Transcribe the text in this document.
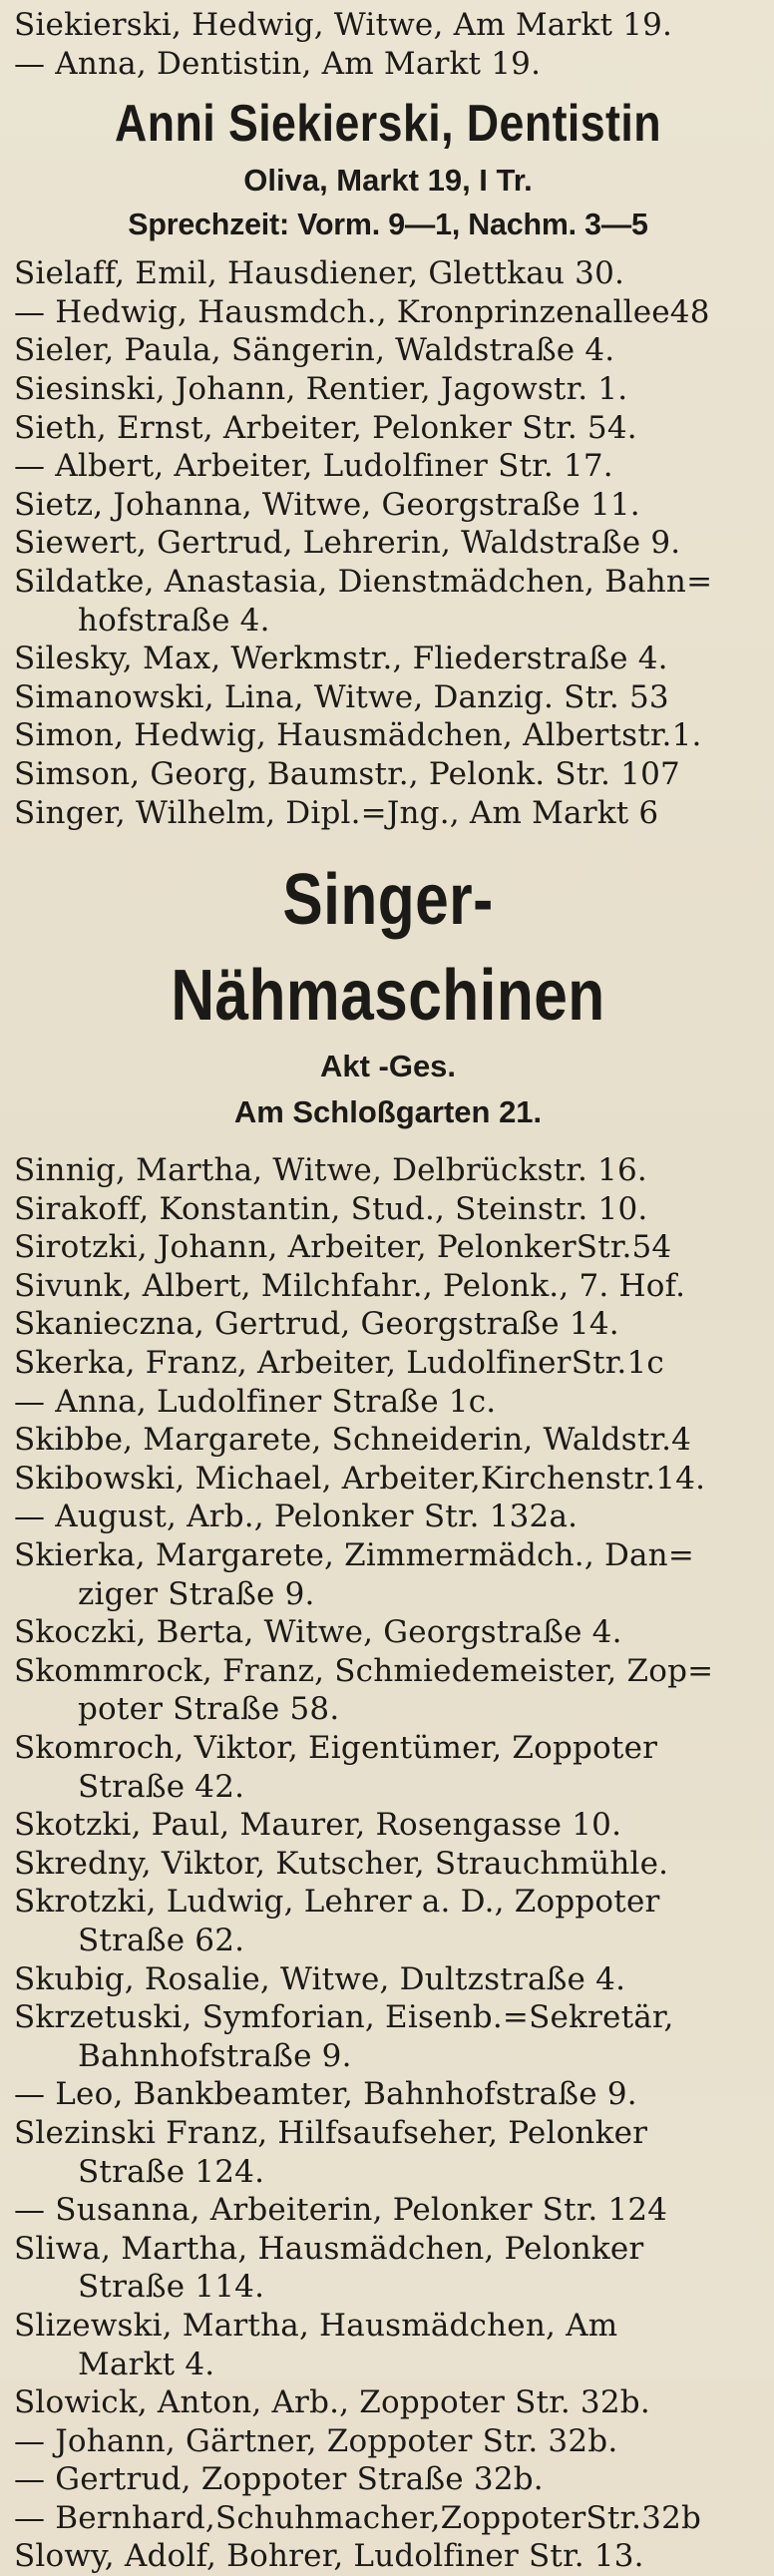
Siekierski, Hedwig, Witwe, Am Markt 19.
— Anna, Dentistin, Am Markt 19.
Anni Siekierski, Dentistin
Oliva, Markt 19, I Tr.
Sprechzeit: Vorm. 9—1, Nachm. 3—5
Sielaff, Emil, Hausdiener, Glettkau 30.
— Hedwig, Hausmdch., Kronprinzenallee48
Sieler, Paula, Sängerin, Waldstraße 4.
Siesinski, Johann, Rentier, Jagowstr. 1.
Sieth, Ernst, Arbeiter, Pelonker Str. 54.
— Albert, Arbeiter, Ludolfiner Str. 17.
Sietz, Johanna, Witwe, Georgstraße 11.
Siewert, Gertrud, Lehrerin, Waldstraße 9.
Sildatke, Anastasia, Dienstmädchen, Bahn=
hofstraße 4.
Silesky, Max, Werkmstr., Fliederstraße 4.
Simanowski, Lina, Witwe, Danzig. Str. 53
Simon, Hedwig, Hausmädchen, Albertstr.1.
Simson, Georg, Baumstr., Pelonk. Str. 107
Singer, Wilhelm, Dipl.=Jng., Am Markt 6
Singer-Nähmaschinen
Akt -Ges.
Am Schloßgarten 21.
Sinnig, Martha, Witwe, Delbrückstr. 16.
Sirakoff, Konstantin, Stud., Steinstr. 10.
Sirotzki, Johann, Arbeiter, PelonkerStr.54
Sivunk, Albert, Milchfahr., Pelonk., 7. Hof.
Skanieczna, Gertrud, Georgstraße 14.
Skerka, Franz, Arbeiter, LudolfinerStr.1c
— Anna, Ludolfiner Straße 1c.
Skibbe, Margarete, Schneiderin, Waldstr.4
Skibowski, Michael, Arbeiter,Kirchenstr.14.
— August, Arb., Pelonker Str. 132a.
Skierka, Margarete, Zimmermädch., Dan=
ziger Straße 9.
Skoczki, Berta, Witwe, Georgstraße 4.
Skommrock, Franz, Schmiedemeister, Zop=
poter Straße 58.
Skomroch, Viktor, Eigentümer, Zoppoter
Straße 42.
Skotzki, Paul, Maurer, Rosengasse 10.
Skredny, Viktor, Kutscher, Strauchmühle.
Skrotzki, Ludwig, Lehrer a. D., Zoppoter
Straße 62.
Skubig, Rosalie, Witwe, Dultzstraße 4.
Skrzetuski, Symforian, Eisenb.=Sekretär,
Bahnhofstraße 9.
— Leo, Bankbeamter, Bahnhofstraße 9.
Slezinski Franz, Hilfsaufseher, Pelonker
Straße 124.
— Susanna, Arbeiterin, Pelonker Str. 124
Sliwa, Martha, Hausmädchen, Pelonker
Straße 114.
Slizewski, Martha, Hausmädchen, Am
Markt 4.
Slowick, Anton, Arb., Zoppoter Str. 32b.
— Johann, Gärtner, Zoppoter Str. 32b.
— Gertrud, Zoppoter Straße 32b.
— Bernhard,Schuhmacher,ZoppoterStr.32b
Slowy, Adolf, Bohrer, Ludolfiner Str. 13.
